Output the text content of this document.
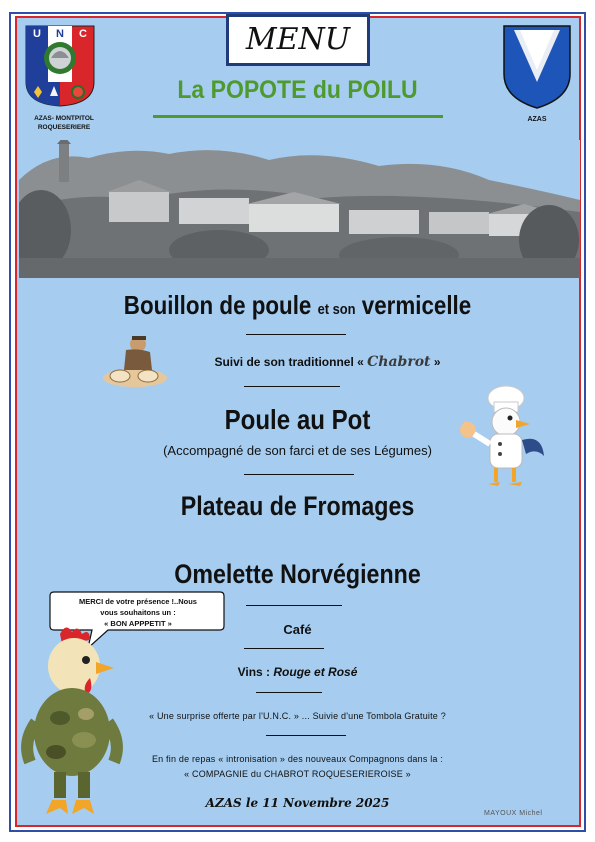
MENU
La POPOTE du POILU
U N C
AZAS- MONTPITOL
ROQUESERIERE
AZAS
Bouillon de poule et son vermicelle
Suivi de son traditionnel « Chabrot »
Poule au Pot
(Accompagné de son farci et de ses Légumes)
Plateau de Fromages
Omelette Norvégienne
Café
Vins : Rouge et Rosé
MERCI de votre présence !..Nous
vous souhaitons un :
« BON APPPETIT »
« Une surprise offerte par l'U.N.C. » ... Suivie d'une Tombola Gratuite ?
En fin de repas « intronisation » des nouveaux Compagnons dans la :
« COMPAGNIE du CHABROT ROQUESERIEROISE »
AZAS le 11 Novembre 2025
MAYOUX Michel
